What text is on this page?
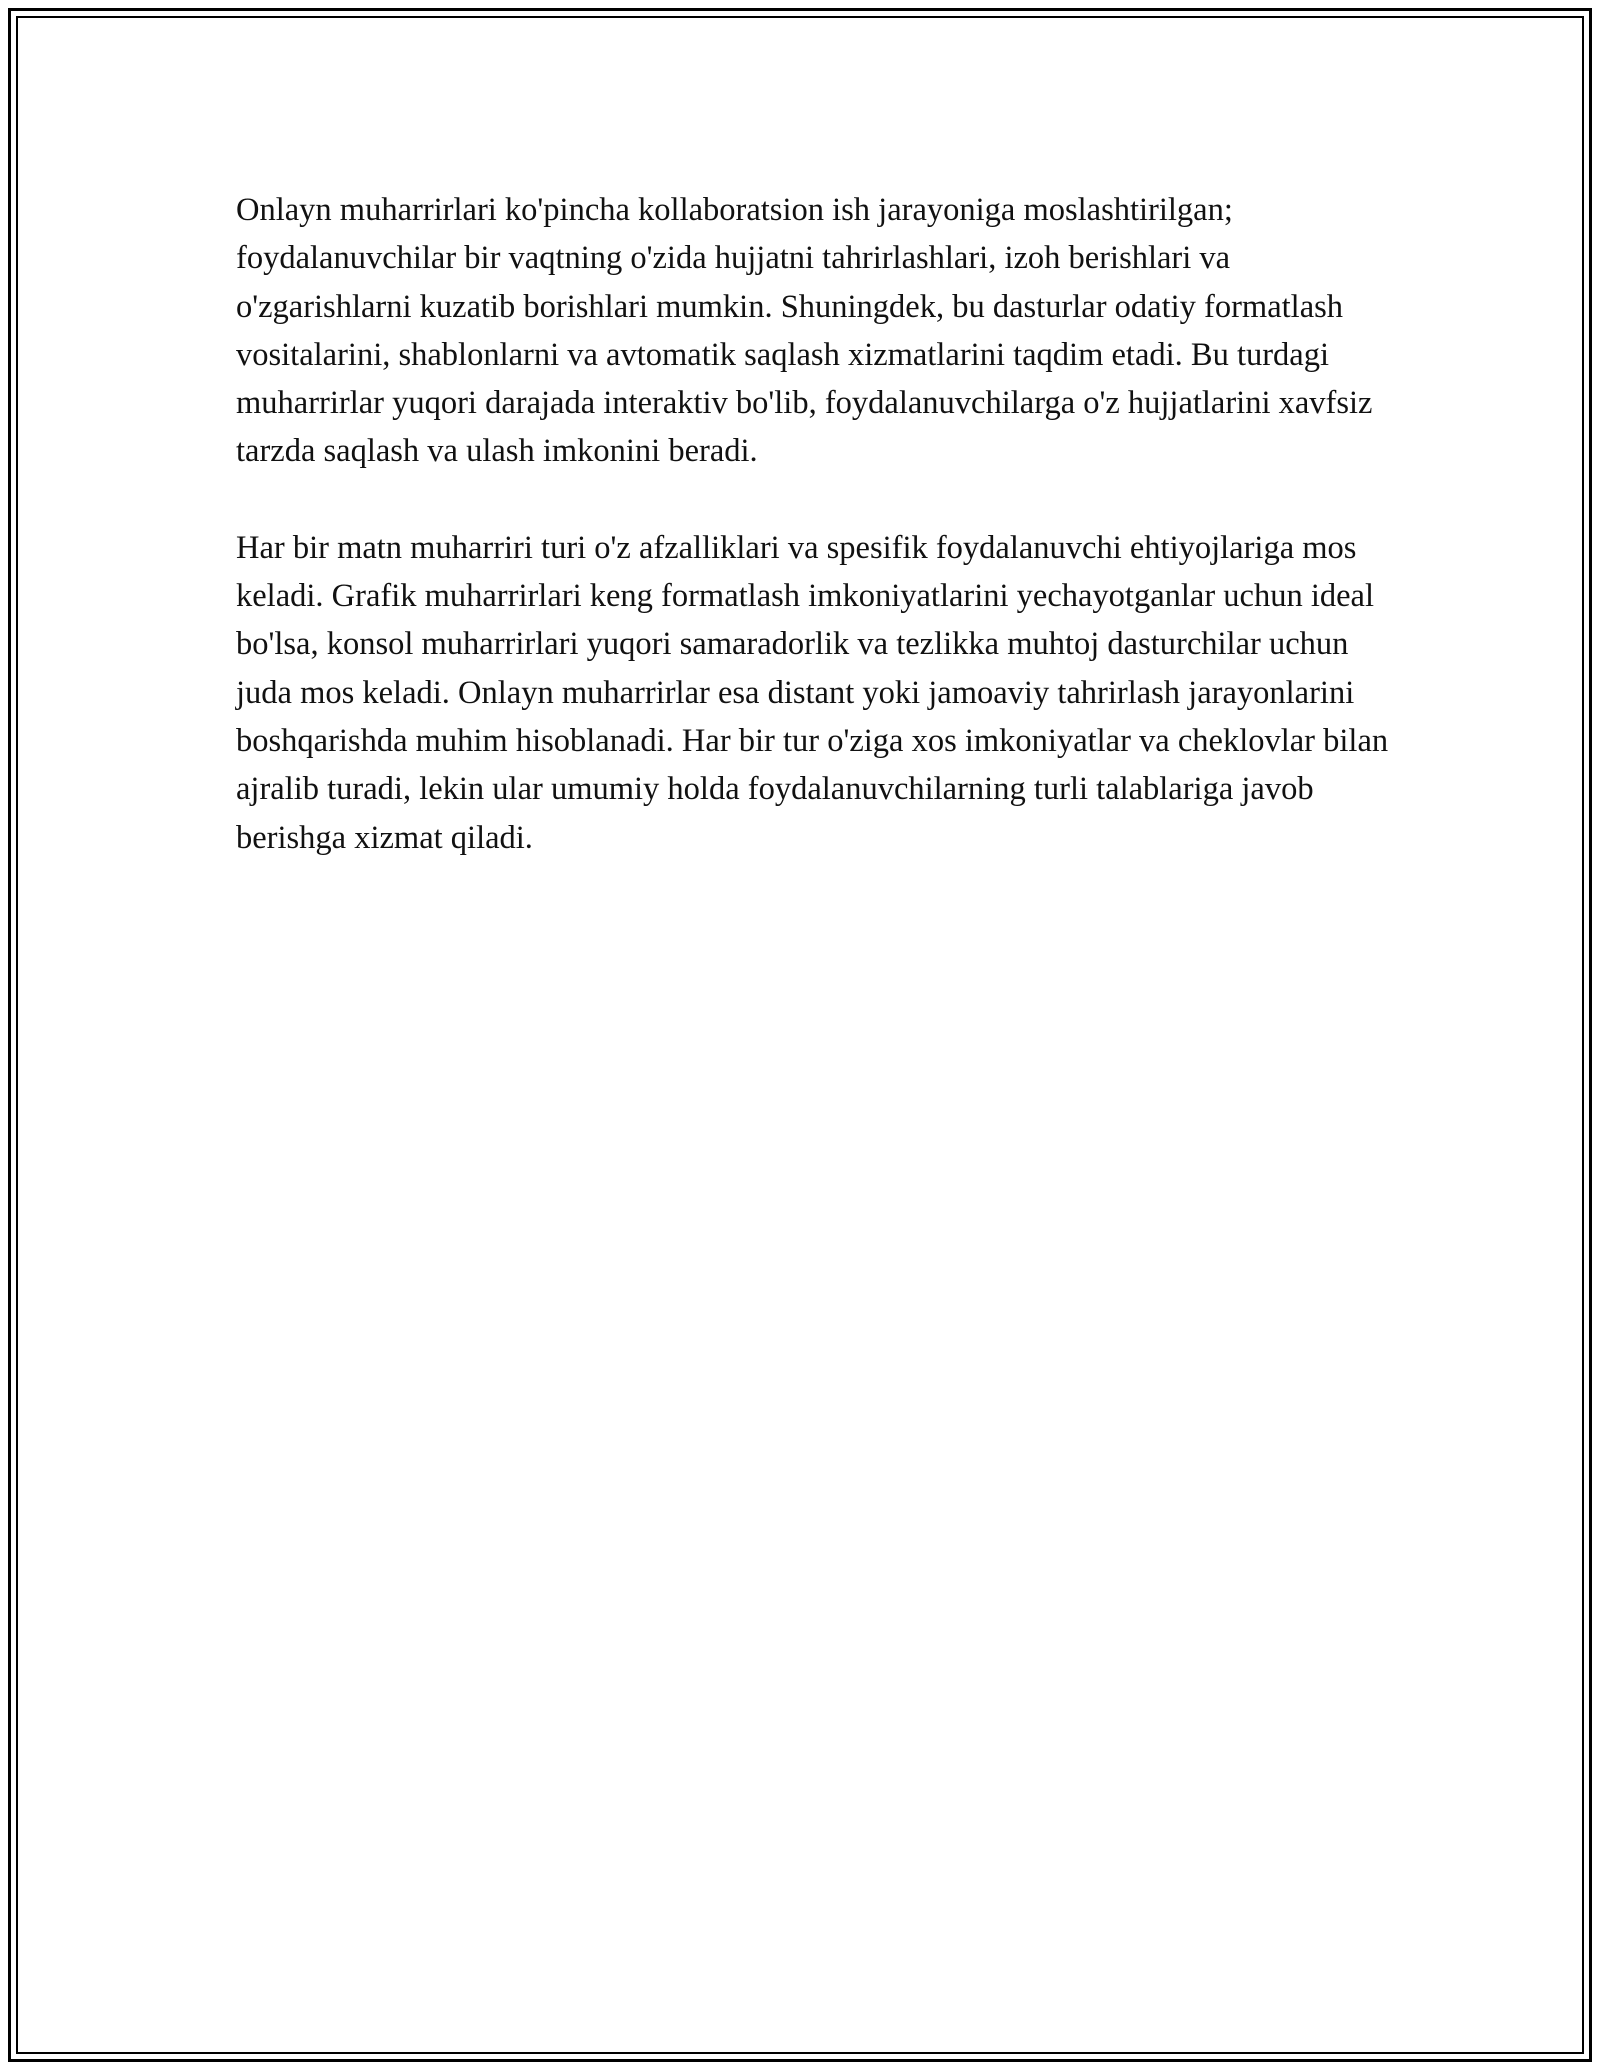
Onlayn muharrirlari ko'pincha kollaboratsion ish jarayoniga moslashtirilgan; foydalanuvchilar bir vaqtning o'zida hujjatni tahrirlashlari, izoh berishlari va o'zgarishlarni kuzatib borishlari mumkin. Shuningdek, bu dasturlar odatiy formatlash vositalarini, shablonlarni va avtomatik saqlash xizmatlarini taqdim etadi. Bu turdagi muharrirlar yuqori darajada interaktiv bo'lib, foydalanuvchilarga o'z hujjatlarini xavfsiz tarzda saqlash va ulash imkonini beradi.

Har bir matn muharriri turi o'z afzalliklari va spesifik foydalanuvchi ehtiyojlariga mos keladi. Grafik muharrirlari keng formatlash imkoniyatlarini yechayotganlar uchun ideal bo'lsa, konsol muharrirlari yuqori samaradorlik va tezlikka muhtoj dasturchilar uchun juda mos keladi. Onlayn muharrirlar esa distant yoki jamoaviy tahrirlash jarayonlarini boshqarishda muhim hisoblanadi. Har bir tur o'ziga xos imkoniyatlar va cheklovlar bilan ajralib turadi, lekin ular umumiy holda foydalanuvchilarning turli talablariga javob berishga xizmat qiladi.
